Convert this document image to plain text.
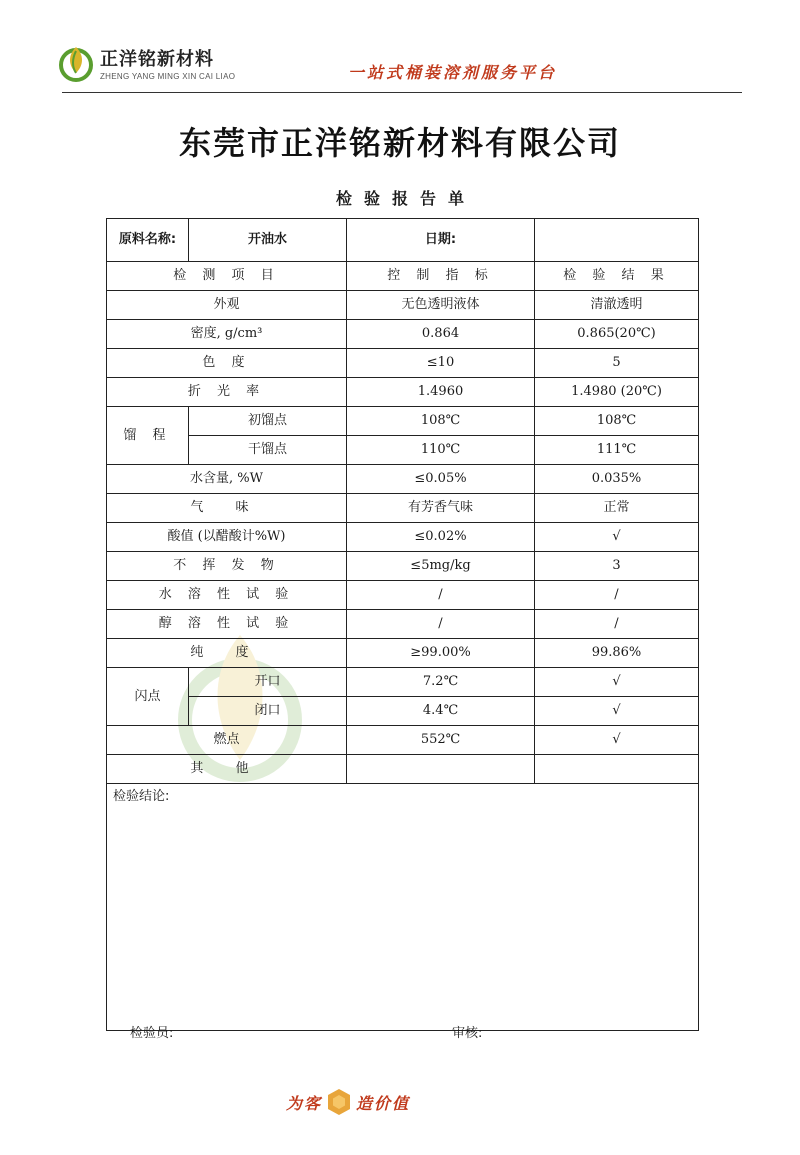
正洋铭新材料
ZHENG YANG MING XIN CAI LIAO	一站式桶装溶剂服务平台
东莞市正洋铭新材料有限公司
检验报告单
原料名称:	开油水	日期:	
检 测 项 目		控 制 指 标	检 验 结 果
外观		无色透明液体	清澈透明
密度, g/cm³		0.864	0.865(20℃)
色 度		≤10	5
折 光 率		1.4960	1.4980 (20℃)
馏 程	初馏点	108℃	108℃
	干馏点	110℃	111℃
水含量, %W		≤0.05%	0.035%
气 味		有芳香气味	正常
酸值 (以醋酸计%W)		≤0.02%	√
不 挥 发 物		≤5mg/kg	3
水 溶 性 试 验		/	/
醇 溶 性 试 验		/	/
纯 度		≥99.00%	99.86%
闪点	开口	7.2℃	√
	闭口	4.4℃	√
燃点		552℃	√
其 他			
检验结论:			
检验员:	审核:
为客 造价值
